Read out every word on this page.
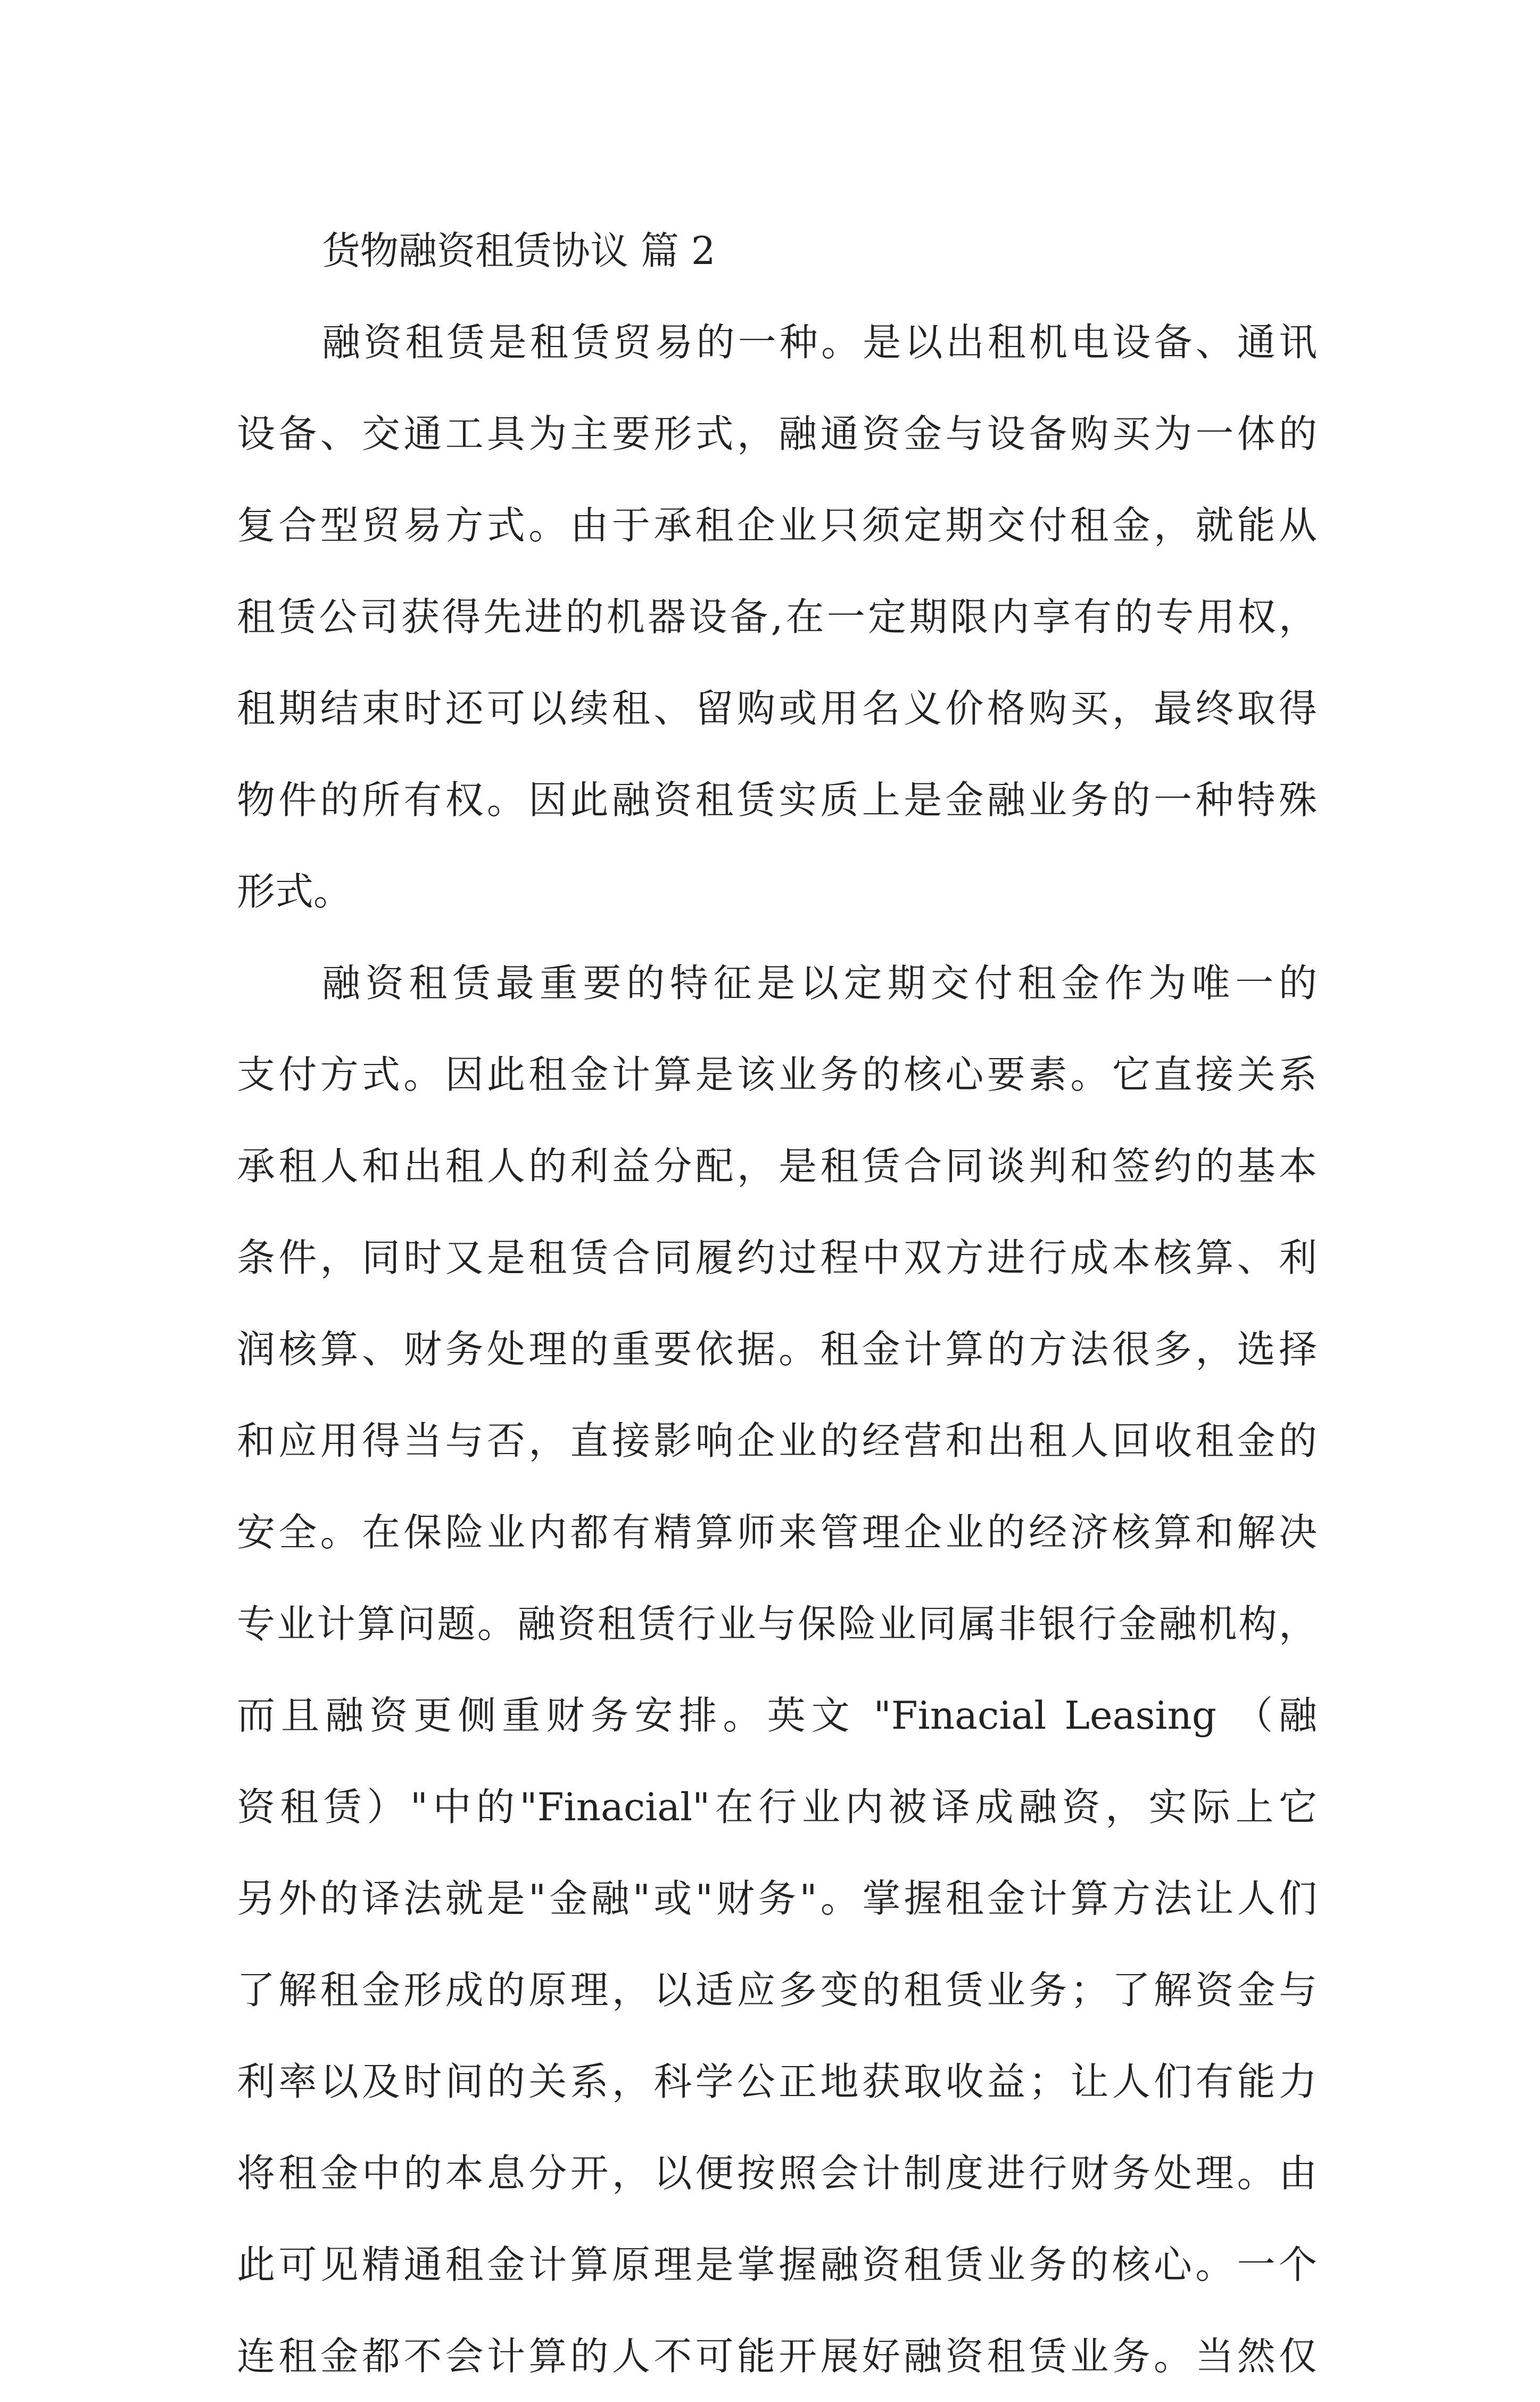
货物融资租赁协议 篇 2
融资租赁是租赁贸易的一种。是以出租机电设备、通讯
设备、交通工具为主要形式，融通资金与设备购买为一体的
复合型贸易方式。由于承租企业只须定期交付租金，就能从
租赁公司获得先进的机器设备,在一定期限内享有的专用权，
租期结束时还可以续租、留购或用名义价格购买，最终取得
物件的所有权。因此融资租赁实质上是金融业务的一种特殊
形式。
融资租赁最重要的特征是以定期交付租金作为唯一的
支付方式。因此租金计算是该业务的核心要素。它直接关系
承租人和出租人的利益分配，是租赁合同谈判和签约的基本
条件，同时又是租赁合同履约过程中双方进行成本核算、利
润核算、财务处理的重要依据。租金计算的方法很多，选择
和应用得当与否，直接影响企业的经营和出租人回收租金的
安全。在保险业内都有精算师来管理企业的经济核算和解决
专业计算问题。融资租赁行业与保险业同属非银行金融机构，
而且融资更侧重财务安排。英文 "Finacial Leasing （融
资租赁）"中的"Finacial"在行业内被译成融资，实际上它
另外的译法就是"金融"或"财务"。掌握租金计算方法让人们
了解租金形成的原理，以适应多变的租赁业务；了解资金与
利率以及时间的关系，科学公正地获取收益；让人们有能力
将租金中的本息分开，以便按照会计制度进行财务处理。由
此可见精通租金计算原理是掌握融资租赁业务的核心。一个
连租金都不会计算的人不可能开展好融资租赁业务。当然仅
